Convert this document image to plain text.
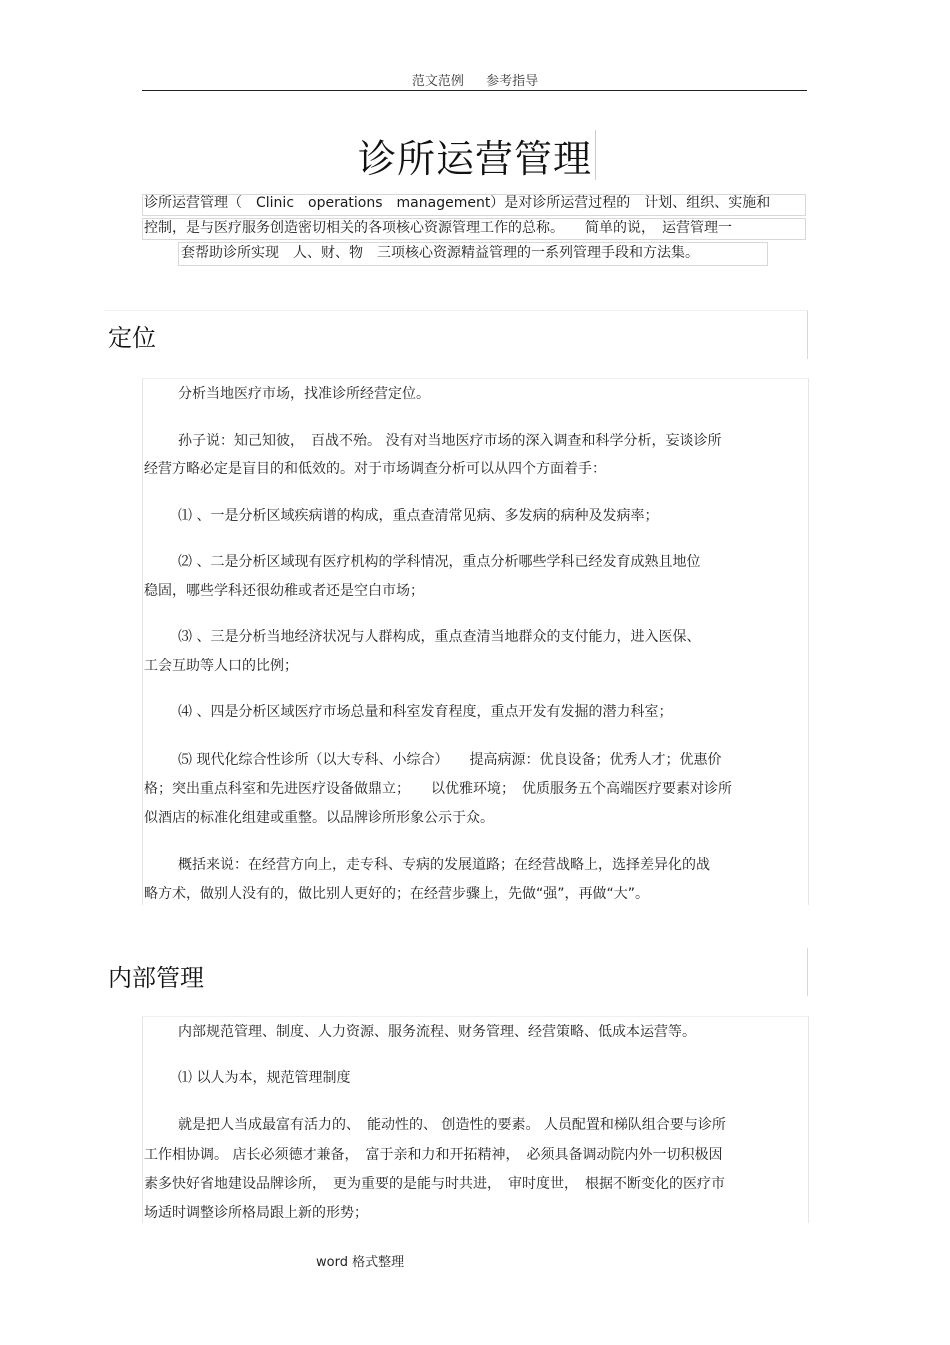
范文范例 参考指导
诊所运营管理
诊所运营管理（　Clinic　operations　management）是对诊所运营过程的　计划、组织、实施和
控制，是与医疗服务创造密切相关的各项核心资源管理工作的总称。　　简单的说，　运营管理一
套帮助诊所实现　人、财、物　三项核心资源精益管理的一系列管理手段和方法集。
定位
分析当地医疗市场，找准诊所经营定位。
孙子说：知己知彼，　百战不殆。 没有对当地医疗市场的深入调查和科学分析，妄谈诊所
经营方略必定是盲目的和低效的。对于市场调查分析可以从四个方面着手：
⑴ 、一是分析区域疾病谱的构成，重点查清常见病、多发病的病种及发病率；
⑵ 、二是分析区域现有医疗机构的学科情况，重点分析哪些学科已经发育成熟且地位
稳固，哪些学科还很幼稚或者还是空白市场；
⑶ 、三是分析当地经济状况与人群构成，重点查清当地群众的支付能力，进入医保、
工会互助等人口的比例；
⑷ 、四是分析区域医疗市场总量和科室发育程度，重点开发有发掘的潜力科室；
⑸ 现代化综合性诊所（以大专科、小综合）　　提高病源：优良设备；优秀人才；优惠价
格；突出重点科室和先进医疗设备做鼎立；　　以优雅环境；　优质服务五个高端医疗要素对诊所
似酒店的标准化组建或重整。以品牌诊所形象公示于众。
概括来说：在经营方向上，走专科、专病的发展道路；在经营战略上，选择差异化的战
略方术，做别人没有的，做比别人更好的；在经营步骤上，先做“强”，再做“大”。
内部管理
内部规范管理、制度、人力资源、服务流程、财务管理、经营策略、低成本运营等。
⑴ 以人为本，规范管理制度
就是把人当成最富有活力的、　能动性的、 创造性的要素。 人员配置和梯队组合要与诊所
工作相协调。 店长必须德才兼备，　富于亲和力和开拓精神，　必须具备调动院内外一切积极因
素多快好省地建设品牌诊所，　更为重要的是能与时共进，　审时度世，　根据不断变化的医疗市
场适时调整诊所格局跟上新的形势；
word 格式整理
